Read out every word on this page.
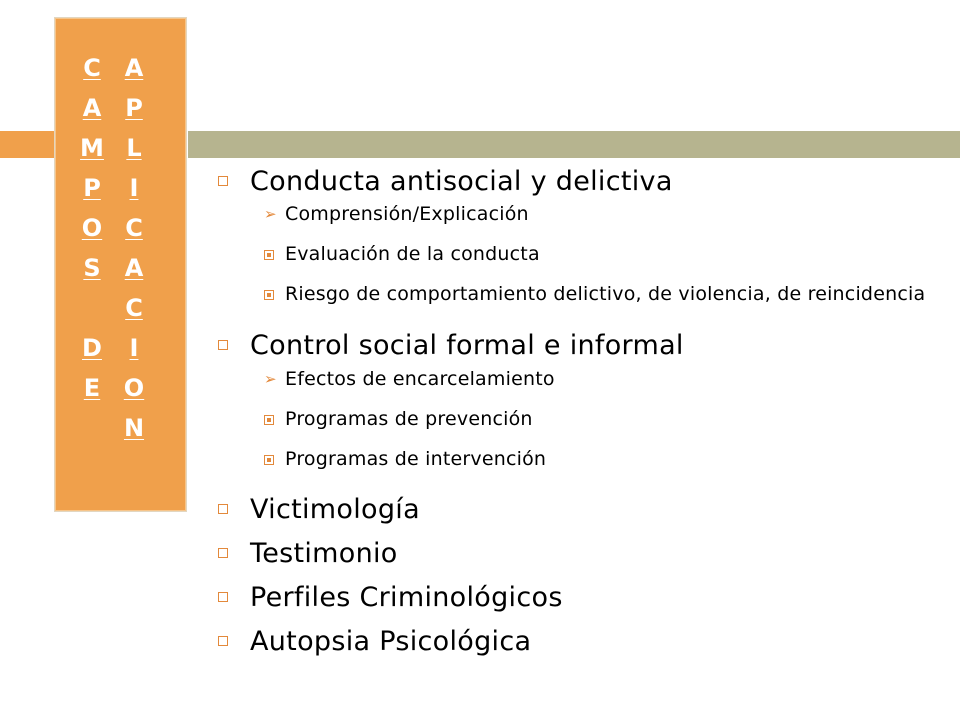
C
A
M
P
O
S
D
E
A
P
L
I
C
A
C
I
O
N
Conducta antisocial y delictiva
➢ Comprensión/Explicación
Evaluación de la conducta
Riesgo de comportamiento delictivo, de violencia, de reincidencia
Control social formal e informal
➢ Efectos de encarcelamiento
Programas de prevención
Programas de intervención
Victimología
Testimonio
Perfiles Criminológicos
Autopsia Psicológica
